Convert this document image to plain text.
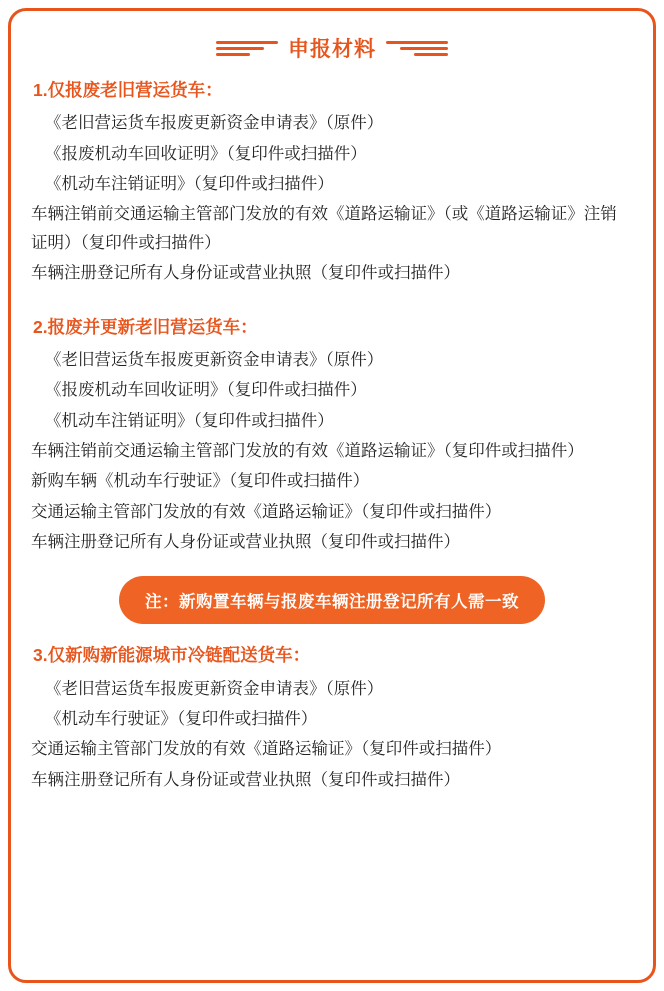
申报材料
1.仅报废老旧营运货车：

《老旧营运货车报废更新资金申请表》（原件）

《报废机动车回收证明》（复印件或扫描件）

《机动车注销证明》（复印件或扫描件）

车辆注销前交通运输主管部门发放的有效《道路运输证》（或《道路运输证》注销证明）（复印件或扫描件）

车辆注册登记所有人身份证或营业执照（复印件或扫描件）

2.报废并更新老旧营运货车：

《老旧营运货车报废更新资金申请表》（原件）

《报废机动车回收证明》（复印件或扫描件）

《机动车注销证明》（复印件或扫描件）

车辆注销前交通运输主管部门发放的有效《道路运输证》（复印件或扫描件）

新购车辆《机动车行驶证》（复印件或扫描件）

交通运输主管部门发放的有效《道路运输证》（复印件或扫描件）

车辆注册登记所有人身份证或营业执照（复印件或扫描件）

注：新购置车辆与报废车辆注册登记所有人需一致
3.仅新购新能源城市冷链配送货车：

《老旧营运货车报废更新资金申请表》（原件）

《机动车行驶证》（复印件或扫描件）

交通运输主管部门发放的有效《道路运输证》（复印件或扫描件）

车辆注册登记所有人身份证或营业执照（复印件或扫描件）
